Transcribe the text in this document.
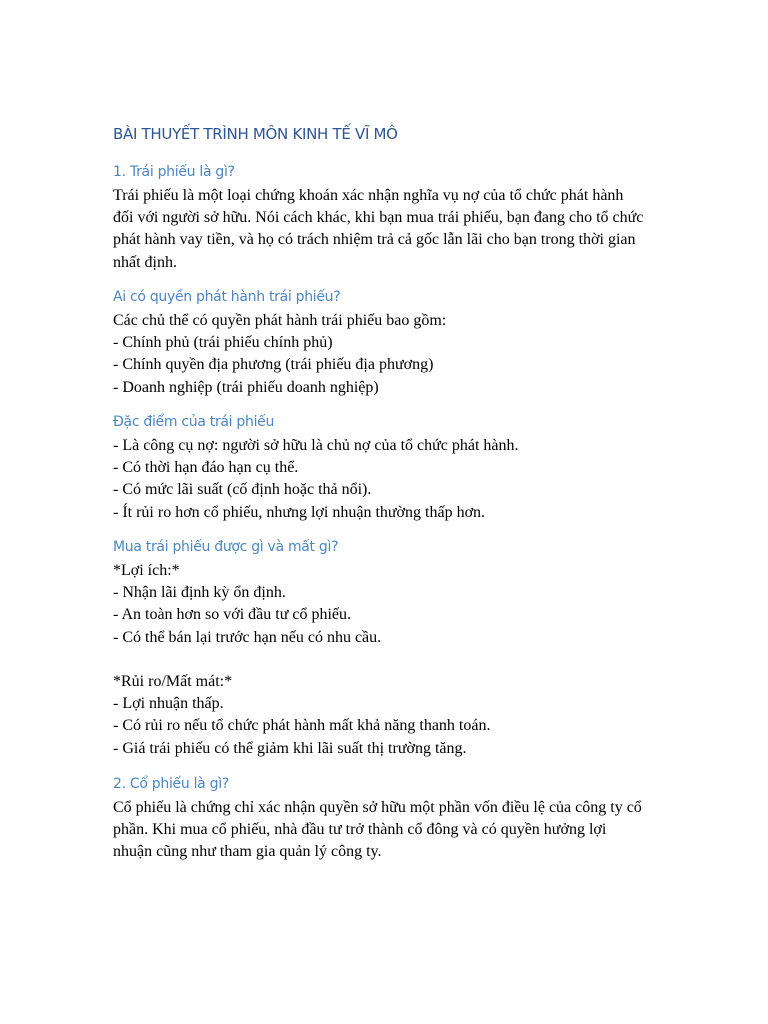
BÀI THUYẾT TRÌNH MÔN KINH TẾ VĨ MÔ
1. Trái phiếu là gì?
Trái phiếu là một loại chứng khoán xác nhận nghĩa vụ nợ của tổ chức phát hành
đối với người sở hữu. Nói cách khác, khi bạn mua trái phiếu, bạn đang cho tổ chức
phát hành vay tiền, và họ có trách nhiệm trả cả gốc lẫn lãi cho bạn trong thời gian
nhất định.
Ai có quyền phát hành trái phiếu?
Các chủ thể có quyền phát hành trái phiếu bao gồm:
- Chính phủ (trái phiếu chính phủ)
- Chính quyền địa phương (trái phiếu địa phương)
- Doanh nghiệp (trái phiếu doanh nghiệp)
Đặc điểm của trái phiếu
- Là công cụ nợ: người sở hữu là chủ nợ của tổ chức phát hành.
- Có thời hạn đáo hạn cụ thể.
- Có mức lãi suất (cố định hoặc thả nổi).
- Ít rủi ro hơn cổ phiếu, nhưng lợi nhuận thường thấp hơn.
Mua trái phiếu được gì và mất gì?
*Lợi ích:*
- Nhận lãi định kỳ ổn định.
- An toàn hơn so với đầu tư cổ phiếu.
- Có thể bán lại trước hạn nếu có nhu cầu.
*Rủi ro/Mất mát:*
- Lợi nhuận thấp.
- Có rủi ro nếu tổ chức phát hành mất khả năng thanh toán.
- Giá trái phiếu có thể giảm khi lãi suất thị trường tăng.
2. Cổ phiếu là gì?
Cổ phiếu là chứng chỉ xác nhận quyền sở hữu một phần vốn điều lệ của công ty cổ
phần. Khi mua cổ phiếu, nhà đầu tư trở thành cổ đông và có quyền hưởng lợi
nhuận cũng như tham gia quản lý công ty.
